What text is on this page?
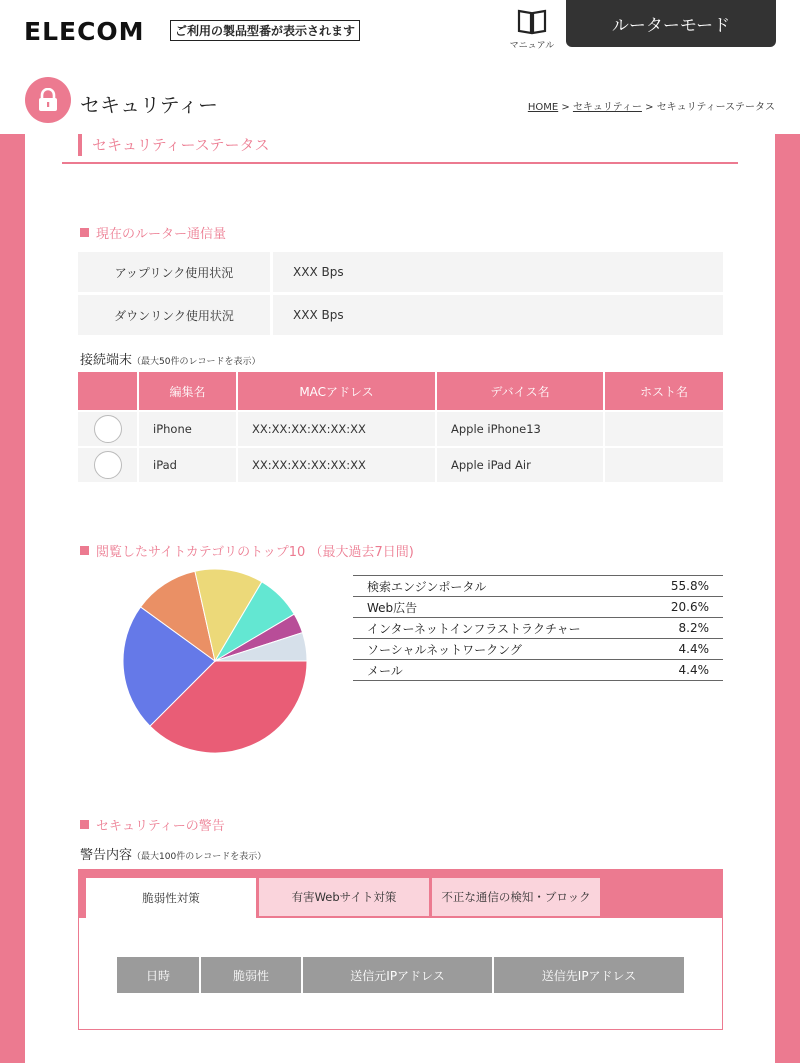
ELECOM	ご利用の製品型番が表示されます
マニュアル
ルーターモード
セキュリティー	HOME > セキュリティー > セキュリティーステータス
セキュリティーステータス
現在のルーター通信量
アップリンク使用状況	XXX Bps
ダウンリンク使用状況	XXX Bps
接続端末（最大50件のレコードを表示）
編集名	MACアドレス	デバイス名	ホスト名
iPhone	XX:XX:XX:XX:XX:XX	Apple iPhone13
iPad	XX:XX:XX:XX:XX:XX	Apple iPad Air
閲覧したサイトカテゴリのトップ10 （最大過去7日間)
検索エンジンポータル	55.8%
Web広告	20.6%
インターネットインフラストラクチャー	8.2%
ソーシャルネットワークング	4.4%
メール	4.4%
セキュリティーの警告
警告内容（最大100件のレコードを表示）
脆弱性対策	有害Webサイト対策	不正な通信の検知・ブロック
日時	脆弱性	送信元IPアドレス	送信先IPアドレス
